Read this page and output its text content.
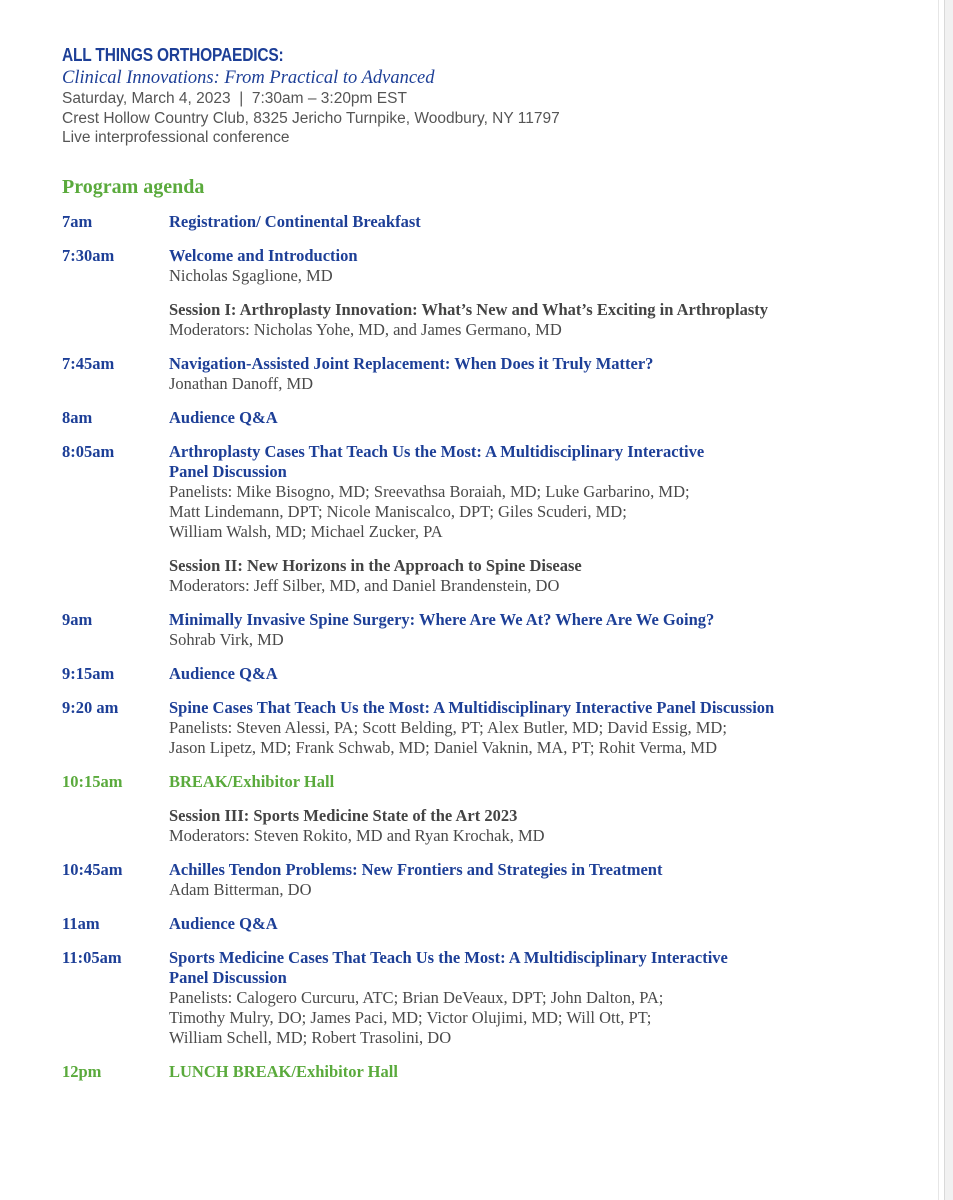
ALL THINGS ORTHOPAEDICS:
Clinical Innovations: From Practical to Advanced
Saturday, March 4, 2023  |  7:30am – 3:20pm EST
Crest Hollow Country Club, 8325 Jericho Turnpike, Woodbury, NY 11797
Live interprofessional conference
Program agenda
7am	Registration/ Continental Breakfast
7:30am	Welcome and Introduction
Nicholas Sgaglione, MD
Session I: Arthroplasty Innovation: What’s New and What’s Exciting in Arthroplasty
Moderators: Nicholas Yohe, MD, and James Germano, MD
7:45am	Navigation-Assisted Joint Replacement: When Does it Truly Matter?
Jonathan Danoff, MD
8am	Audience Q&A
8:05am	Arthroplasty Cases That Teach Us the Most: A Multidisciplinary Interactive
Panel Discussion
Panelists: Mike Bisogno, MD; Sreevathsa Boraiah, MD; Luke Garbarino, MD;
Matt Lindemann, DPT; Nicole Maniscalco, DPT; Giles Scuderi, MD;
William Walsh, MD; Michael Zucker, PA
Session II: New Horizons in the Approach to Spine Disease
Moderators: Jeff Silber, MD, and Daniel Brandenstein, DO
9am	Minimally Invasive Spine Surgery: Where Are We At? Where Are We Going?
Sohrab Virk, MD
9:15am	Audience Q&A
9:20 am	Spine Cases That Teach Us the Most: A Multidisciplinary Interactive Panel Discussion
Panelists: Steven Alessi, PA; Scott Belding, PT; Alex Butler, MD; David Essig, MD;
Jason Lipetz, MD; Frank Schwab, MD; Daniel Vaknin, MA, PT; Rohit Verma, MD
10:15am	BREAK/Exhibitor Hall
Session III: Sports Medicine State of the Art 2023
Moderators: Steven Rokito, MD and Ryan Krochak, MD
10:45am	Achilles Tendon Problems: New Frontiers and Strategies in Treatment
Adam Bitterman, DO
11am	Audience Q&A
11:05am	Sports Medicine Cases That Teach Us the Most: A Multidisciplinary Interactive
Panel Discussion
Panelists: Calogero Curcuru, ATC; Brian DeVeaux, DPT; John Dalton, PA;
Timothy Mulry, DO; James Paci, MD; Victor Olujimi, MD; Will Ott, PT;
William Schell, MD; Robert Trasolini, DO
12pm	LUNCH BREAK/Exhibitor Hall
